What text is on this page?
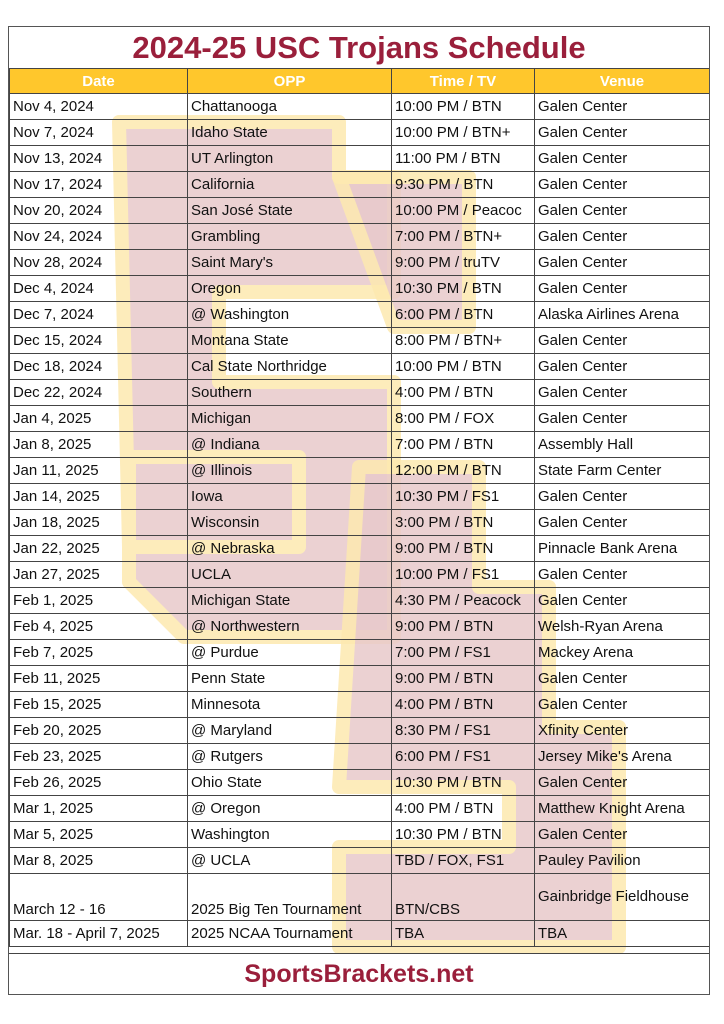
2024-25 USC Trojans Schedule
Date	OPP	Time / TV	Venue
Nov 4, 2024	Chattanooga	10:00 PM / BTN	Galen Center
Nov 7, 2024	Idaho State	10:00 PM / BTN+	Galen Center
Nov 13, 2024	UT Arlington	11:00 PM / BTN	Galen Center
Nov 17, 2024	California	9:30 PM / BTN	Galen Center
Nov 20, 2024	San José State	10:00 PM / Peacoc	Galen Center
Nov 24, 2024	Grambling	7:00 PM / BTN+	Galen Center
Nov 28, 2024	Saint Mary's	9:00 PM / truTV	Galen Center
Dec 4, 2024	Oregon	10:30 PM / BTN	Galen Center
Dec 7, 2024	@ Washington	6:00 PM / BTN	Alaska Airlines Arena
Dec 15, 2024	Montana State	8:00 PM / BTN+	Galen Center
Dec 18, 2024	Cal State Northridge	10:00 PM / BTN	Galen Center
Dec 22, 2024	Southern	4:00 PM / BTN	Galen Center
Jan 4, 2025	Michigan	8:00 PM / FOX	Galen Center
Jan 8, 2025	@ Indiana	7:00 PM / BTN	Assembly Hall
Jan 11, 2025	@ Illinois	12:00 PM / BTN	State Farm Center
Jan 14, 2025	Iowa	10:30 PM / FS1	Galen Center
Jan 18, 2025	Wisconsin	3:00 PM / BTN	Galen Center
Jan 22, 2025	@ Nebraska	9:00 PM / BTN	Pinnacle Bank Arena
Jan 27, 2025	UCLA	10:00 PM / FS1	Galen Center
Feb 1, 2025	Michigan State	4:30 PM / Peacock	Galen Center
Feb 4, 2025	@ Northwestern	9:00 PM / BTN	Welsh-Ryan Arena
Feb 7, 2025	@ Purdue	7:00 PM / FS1	Mackey Arena
Feb 11, 2025	Penn State	9:00 PM / BTN	Galen Center
Feb 15, 2025	Minnesota	4:00 PM / BTN	Galen Center
Feb 20, 2025	@ Maryland	8:30 PM / FS1	Xfinity Center
Feb 23, 2025	@ Rutgers	6:00 PM / FS1	Jersey Mike's Arena
Feb 26, 2025	Ohio State	10:30 PM / BTN	Galen Center
Mar 1, 2025	@ Oregon	4:00 PM / BTN	Matthew Knight Arena
Mar 5, 2025	Washington	10:30 PM / BTN	Galen Center
Mar 8, 2025	@ UCLA	TBD / FOX, FS1	Pauley Pavilion
March 12 - 16	2025 Big Ten Tournament	BTN/CBS	Gainbridge Fieldhouse
Mar. 18 - April 7, 2025	2025 NCAA Tournament	TBA	TBA
SportsBrackets.net
